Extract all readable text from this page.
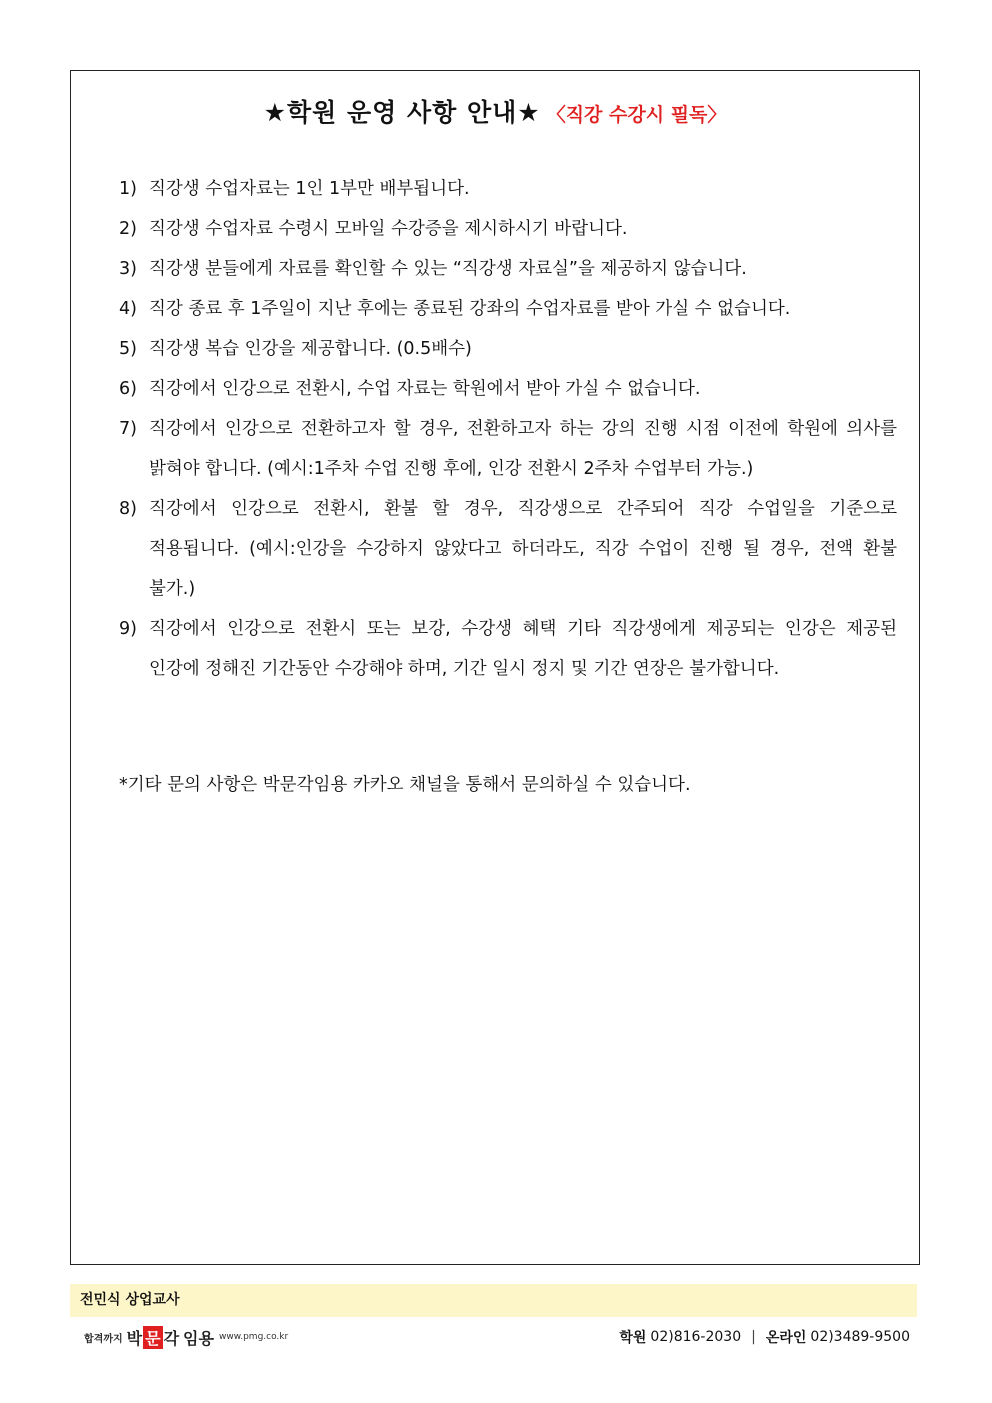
★학원 운영 사항 안내★ 〈직강 수강시 필독〉
1) 직강생 수업자료는 1인 1부만 배부됩니다.
2) 직강생 수업자료 수령시 모바일 수강증을 제시하시기 바랍니다.
3) 직강생 분들에게 자료를 확인할 수 있는 “직강생 자료실”을 제공하지 않습니다.
4) 직강 종료 후 1주일이 지난 후에는 종료된 강좌의 수업자료를 받아 가실 수 없습니다.
5) 직강생 복습 인강을 제공합니다. (0.5배수)
6) 직강에서 인강으로 전환시, 수업 자료는 학원에서 받아 가실 수 없습니다.
7) 직강에서 인강으로 전환하고자 할 경우, 전환하고자 하는 강의 진행 시점 이전에 학원에 의사를 밝혀야 합니다. (예시:1주차 수업 진행 후에, 인강 전환시 2주차 수업부터 가능.)
8) 직강에서 인강으로 전환시, 환불 할 경우, 직강생으로 간주되어 직강 수업일을 기준으로 적용됩니다. (예시:인강을 수강하지 않았다고 하더라도, 직강 수업이 진행 될 경우, 전액 환불 불가.)
9) 직강에서 인강으로 전환시 또는 보강, 수강생 혜택 기타 직강생에게 제공되는 인강은 제공된 인강에 정해진 기간동안 수강해야 하며, 기간 일시 정지 및 기간 연장은 불가합니다.
*기타 문의 사항은 박문각임용 카카오 채널을 통해서 문의하실 수 있습니다.
전민식 상업교사
합격까지 박 문 각 임용 www.pmg.co.kr	학원 02)816-2030 | 온라인 02)3489-9500
